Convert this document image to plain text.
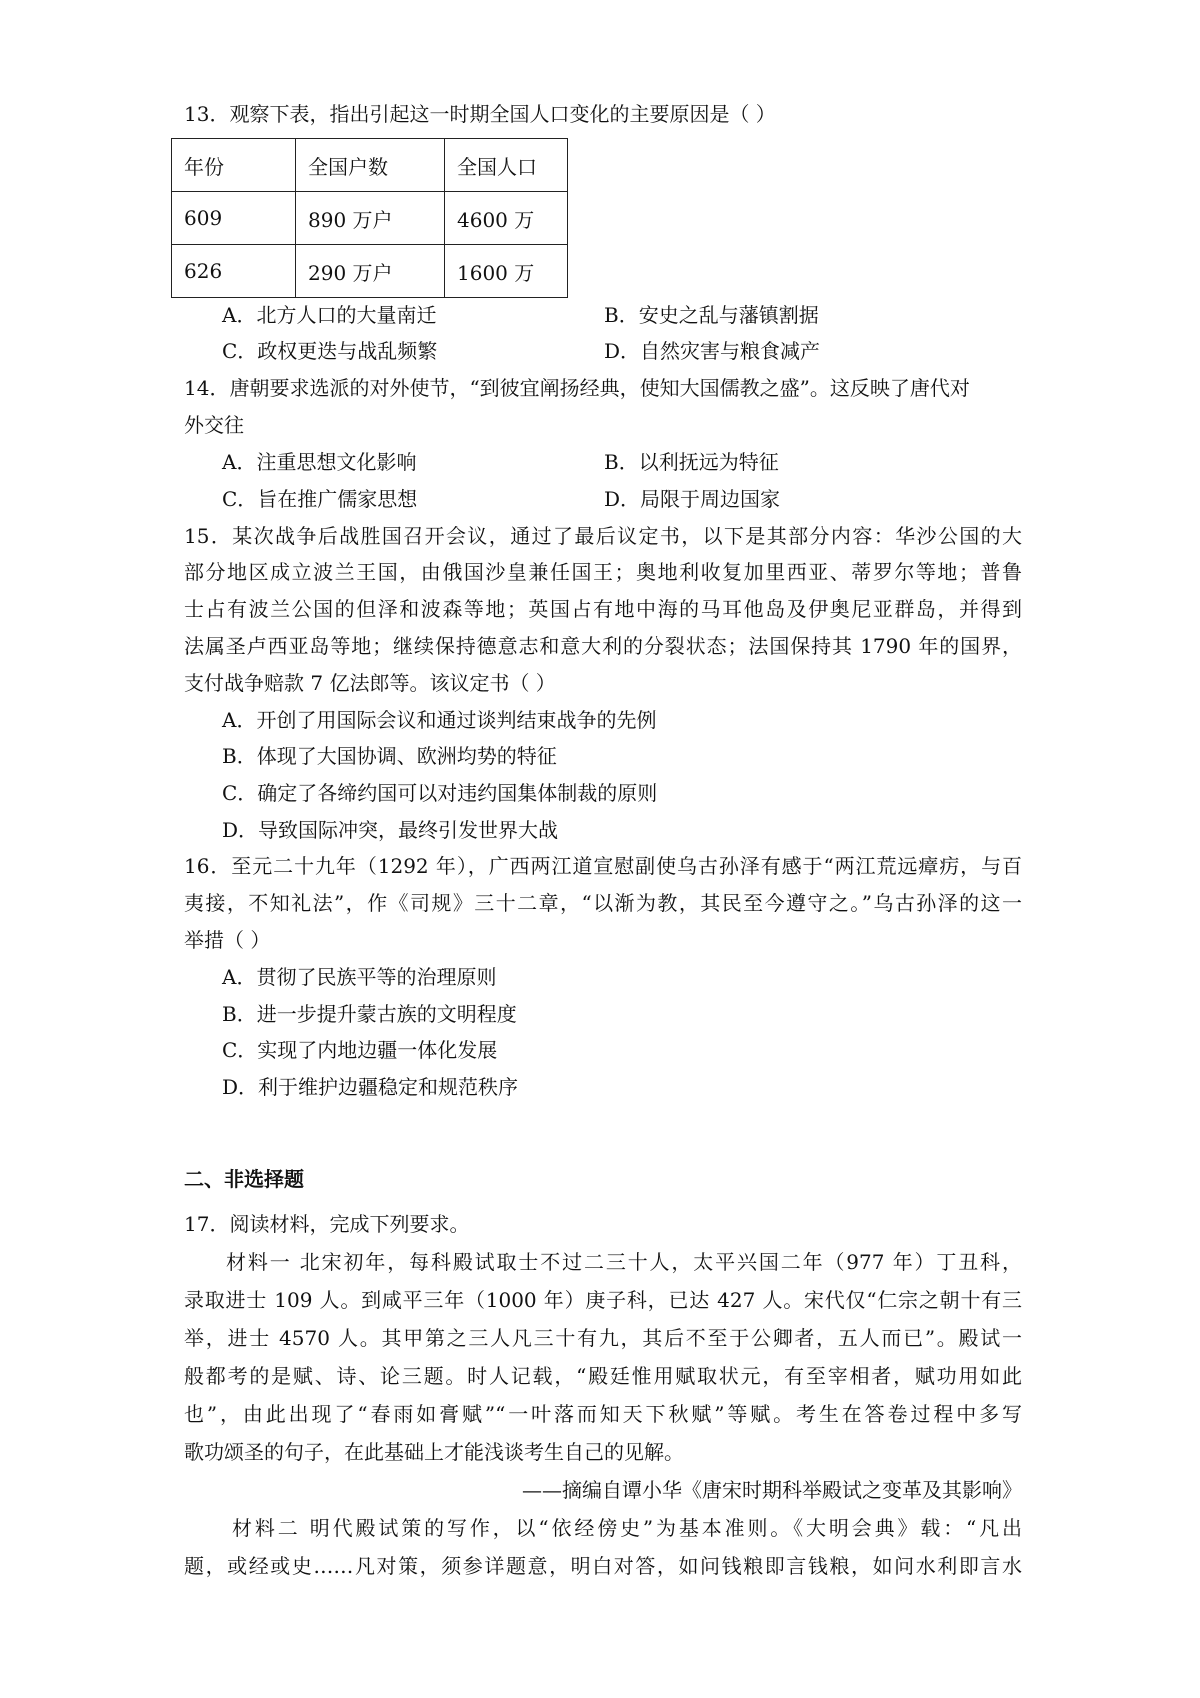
13．观察下表，指出引起这一时期全国人口变化的主要原因是（ ）
年份	全国户数	全国人口
609	890 万户	4600 万
626	290 万户	1600 万
A．北方人口的大量南迁	B．安史之乱与藩镇割据
C．政权更迭与战乱频繁	D．自然灾害与粮食减产
14．唐朝要求选派的对外使节，“到彼宜阐扬经典，使知大国儒教之盛”。这反映了唐代对
外交往
A．注重思想文化影响	B．以利抚远为特征
C．旨在推广儒家思想	D．局限于周边国家
15．某次战争后战胜国召开会议，通过了最后议定书，以下是其部分内容：华沙公国的大
部分地区成立波兰王国，由俄国沙皇兼任国王；奥地利收复加里西亚、蒂罗尔等地；普鲁
士占有波兰公国的但泽和波森等地；英国占有地中海的马耳他岛及伊奥尼亚群岛，并得到
法属圣卢西亚岛等地；继续保持德意志和意大利的分裂状态；法国保持其 1790 年的国界，
支付战争赔款 7 亿法郎等。该议定书（ ）
A．开创了用国际会议和通过谈判结束战争的先例
B．体现了大国协调、欧洲均势的特征
C．确定了各缔约国可以对违约国集体制裁的原则
D．导致国际冲突，最终引发世界大战
16．至元二十九年（1292 年），广西两江道宣慰副使乌古孙泽有感于“两江荒远瘴疠，与百
夷接，不知礼法”，作《司规》三十二章，“以渐为教，其民至今遵守之。”乌古孙泽的这一
举措（ ）
A．贯彻了民族平等的治理原则
B．进一步提升蒙古族的文明程度
C．实现了内地边疆一体化发展
D．利于维护边疆稳定和规范秩序
二、非选择题
17．阅读材料，完成下列要求。
材料一 北宋初年，每科殿试取士不过二三十人，太平兴国二年（977 年）丁丑科，
录取进士 109 人。到咸平三年（1000 年）庚子科，已达 427 人。宋代仅“仁宗之朝十有三
举，进士 4570 人。其甲第之三人凡三十有九，其后不至于公卿者，五人而已”。殿试一
般都考的是赋、诗、论三题。时人记载，“殿廷惟用赋取状元，有至宰相者，赋功用如此
也”，由此出现了“春雨如膏赋”“一叶落而知天下秋赋”等赋。考生在答卷过程中多写
歌功颂圣的句子，在此基础上才能浅谈考生自己的见解。
——摘编自谭小华《唐宋时期科举殿试之变革及其影响》
材料二 明代殿试策的写作，以“依经傍史”为基本准则。《大明会典》载：“凡出
题，或经或史……凡对策，须参详题意，明白对答，如问钱粮即言钱粮，如问水利即言水
